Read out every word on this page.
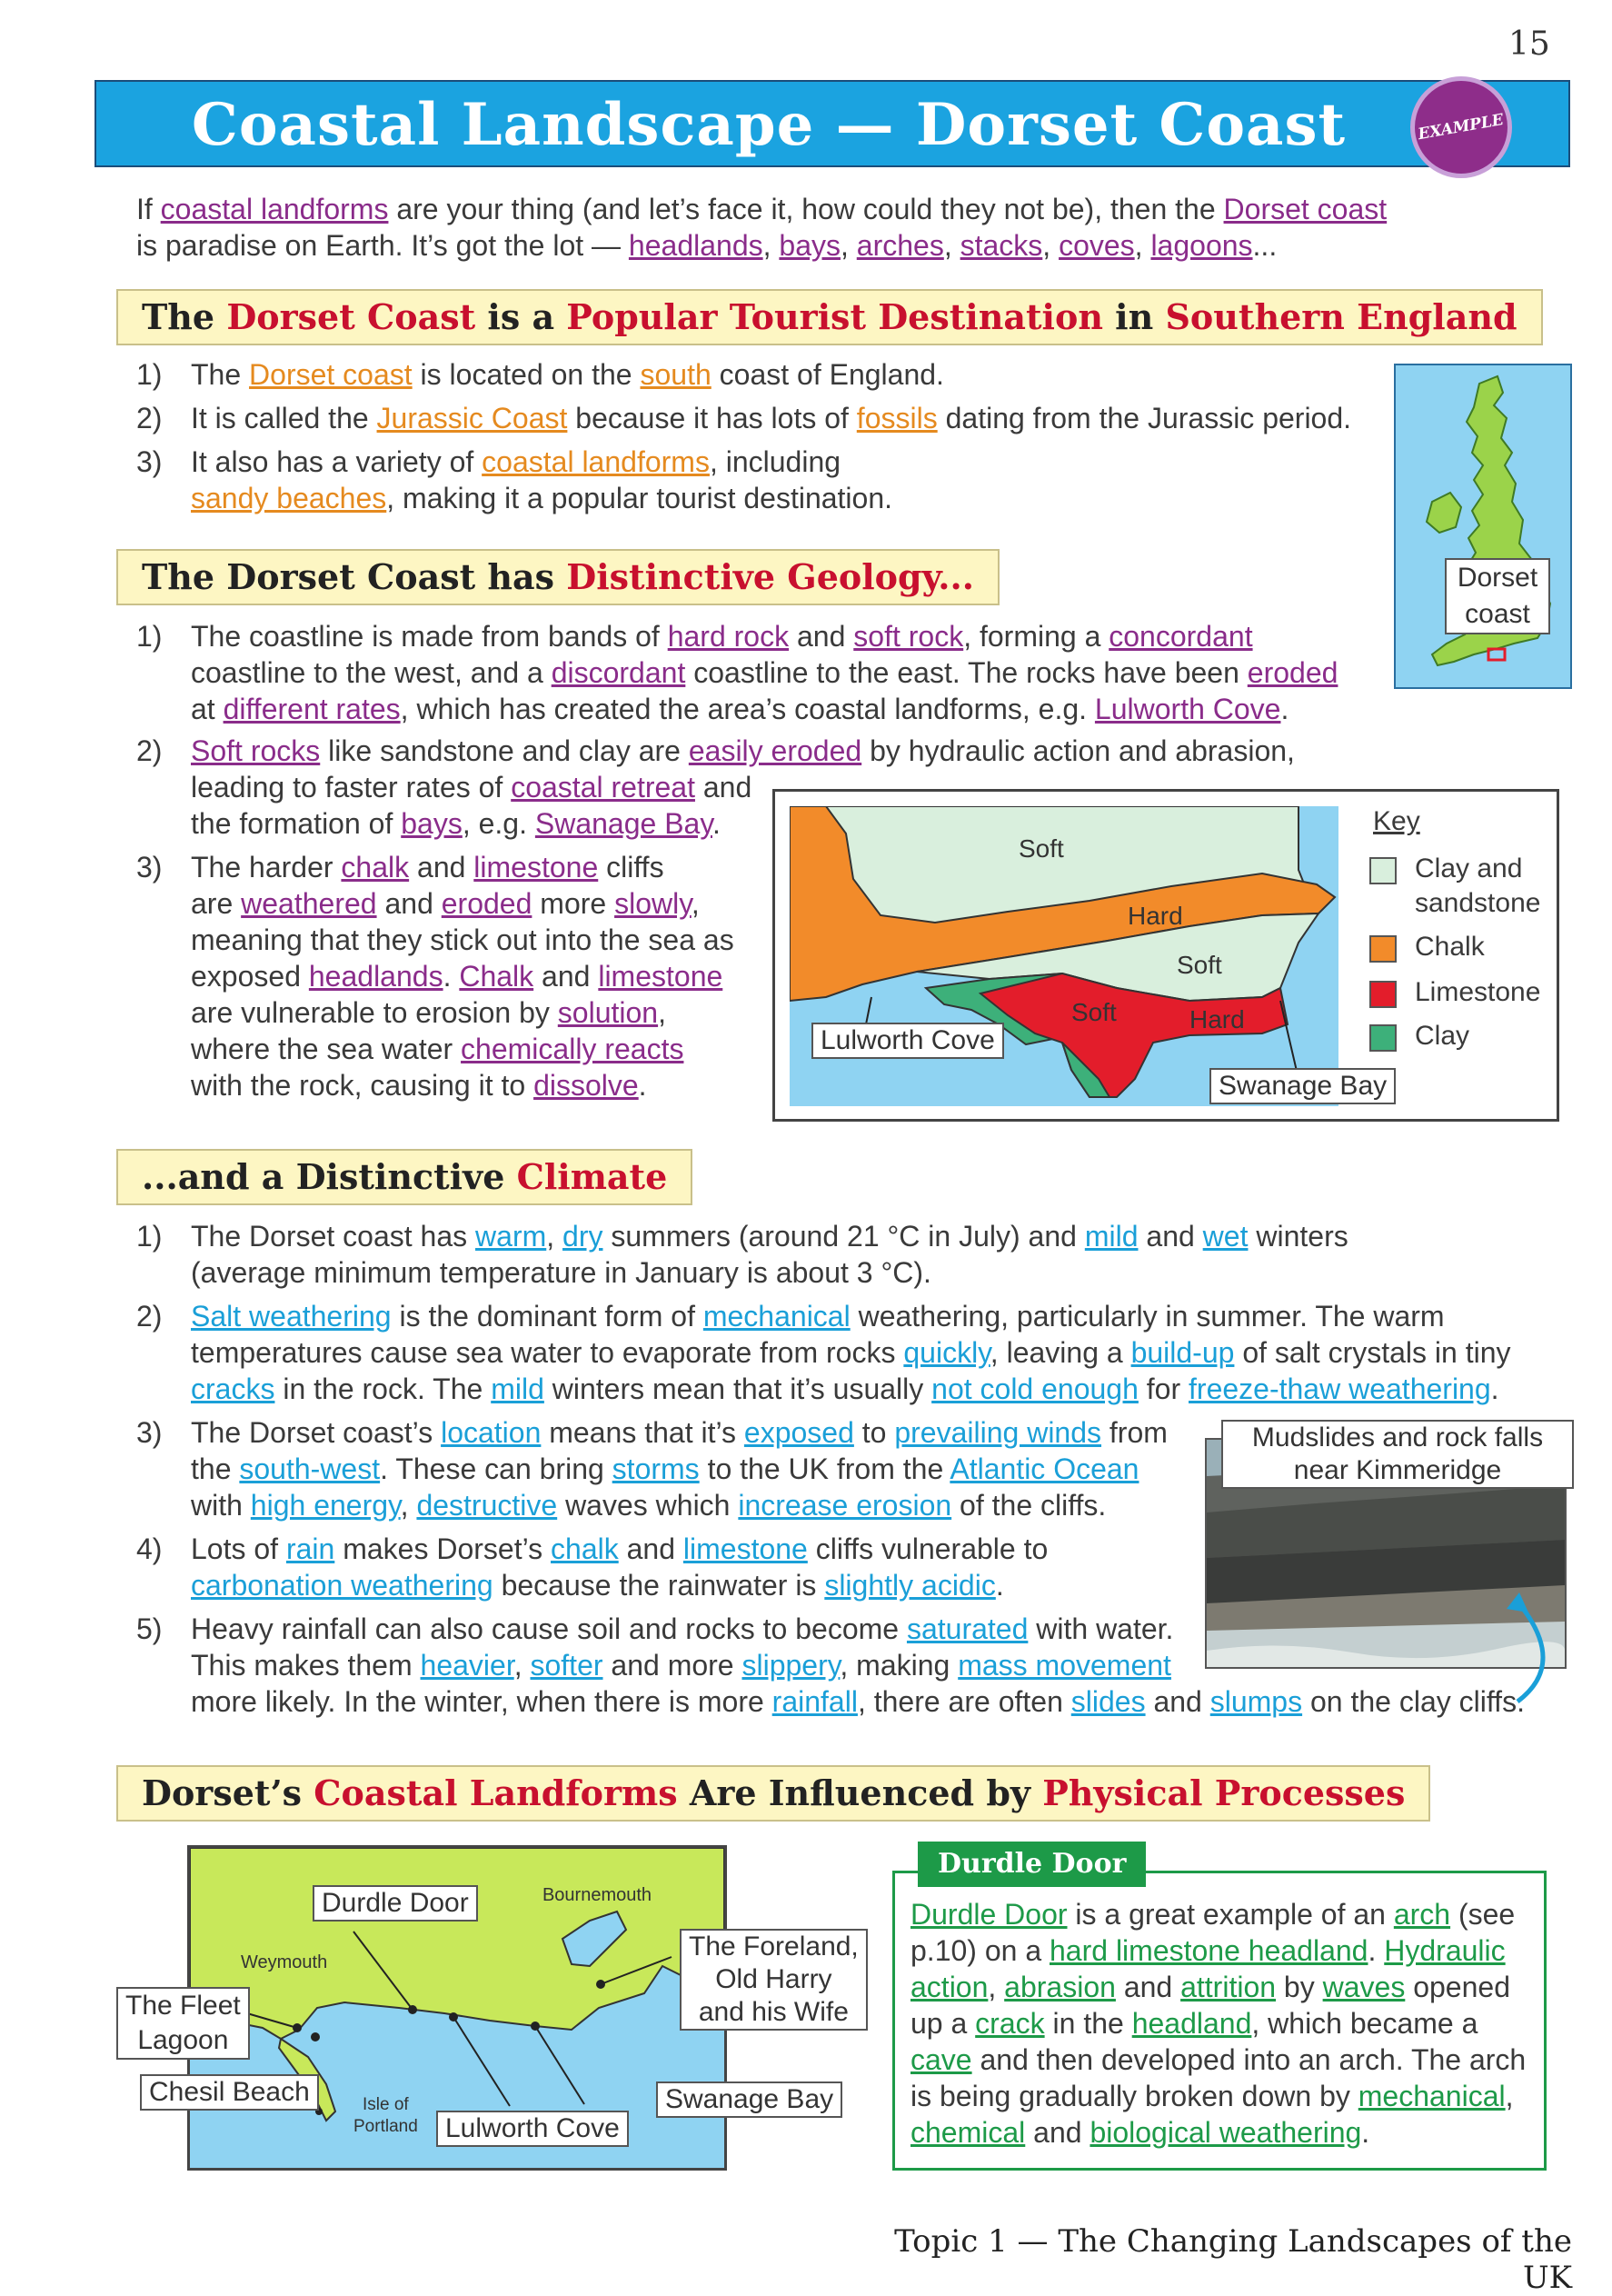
15
Coastal Landscape — Dorset Coast	EXAMPLE
If coastal landforms are your thing (and let’s face it, how could they not be), then the Dorset coast
is paradise on Earth. It’s got the lot — headlands, bays, arches, stacks, coves, lagoons...
The Dorset Coast is a Popular Tourist Destination in Southern England
1) The Dorset coast is located on the south coast of England.
2) It is called the Jurassic Coast because it has lots of fossils dating from the Jurassic period.
3) It also has a variety of coastal landforms, including
sandy beaches, making it a popular tourist destination.
Dorset
coast
The Dorset Coast has Distinctive Geology...
1) The coastline is made from bands of hard rock and soft rock, forming a concordant
coastline to the west, and a discordant coastline to the east. The rocks have been eroded
at different rates, which has created the area’s coastal landforms, e.g. Lulworth Cove.
2) Soft rocks like sandstone and clay are easily eroded by hydraulic action and abrasion,
leading to faster rates of coastal retreat and
the formation of bays, e.g. Swanage Bay.
3) The harder chalk and limestone cliffs
are weathered and eroded more slowly,
meaning that they stick out into the sea as
exposed headlands. Chalk and limestone
are vulnerable to erosion by solution,
where the sea water chemically reacts
with the rock, causing it to dissolve.
Soft
Hard
Soft
Soft	Hard
Lulworth Cove
Swanage Bay
Key
Clay and
sandstone
Chalk
Limestone
Clay
...and a Distinctive Climate
1) The Dorset coast has warm, dry summers (around 21 °C in July) and mild and wet winters
(average minimum temperature in January is about 3 °C).
2) Salt weathering is the dominant form of mechanical weathering, particularly in summer. The warm
temperatures cause sea water to evaporate from rocks quickly, leaving a build-up of salt crystals in tiny
cracks in the rock. The mild winters mean that it’s usually not cold enough for freeze-thaw weathering.
3) The Dorset coast’s location means that it’s exposed to prevailing winds from
the south-west. These can bring storms to the UK from the Atlantic Ocean
with high energy, destructive waves which increase erosion of the cliffs.
4) Lots of rain makes Dorset’s chalk and limestone cliffs vulnerable to
carbonation weathering because the rainwater is slightly acidic.
5) Heavy rainfall can also cause soil and rocks to become saturated with water.
This makes them heavier, softer and more slippery, making mass movement
more likely. In the winter, when there is more rainfall, there are often slides and slumps on the clay cliffs.
Mudslides and rock falls
near Kimmeridge
Dorset’s Coastal Landforms Are Influenced by Physical Processes
Bournemouth
Weymouth
Isle of
Portland
Durdle Door
The Fleet
Lagoon
The Foreland,
Old Harry
and his Wife
Chesil Beach
Lulworth Cove
Swanage Bay
Durdle Door
Durdle Door is a great example of an arch (see
p.10) on a hard limestone headland. Hydraulic
action, abrasion and attrition by waves opened
up a crack in the headland, which became a
cave and then developed into an arch. The arch
is being gradually broken down by mechanical,
chemical and biological weathering.
Topic 1 — The Changing Landscapes of the UK
